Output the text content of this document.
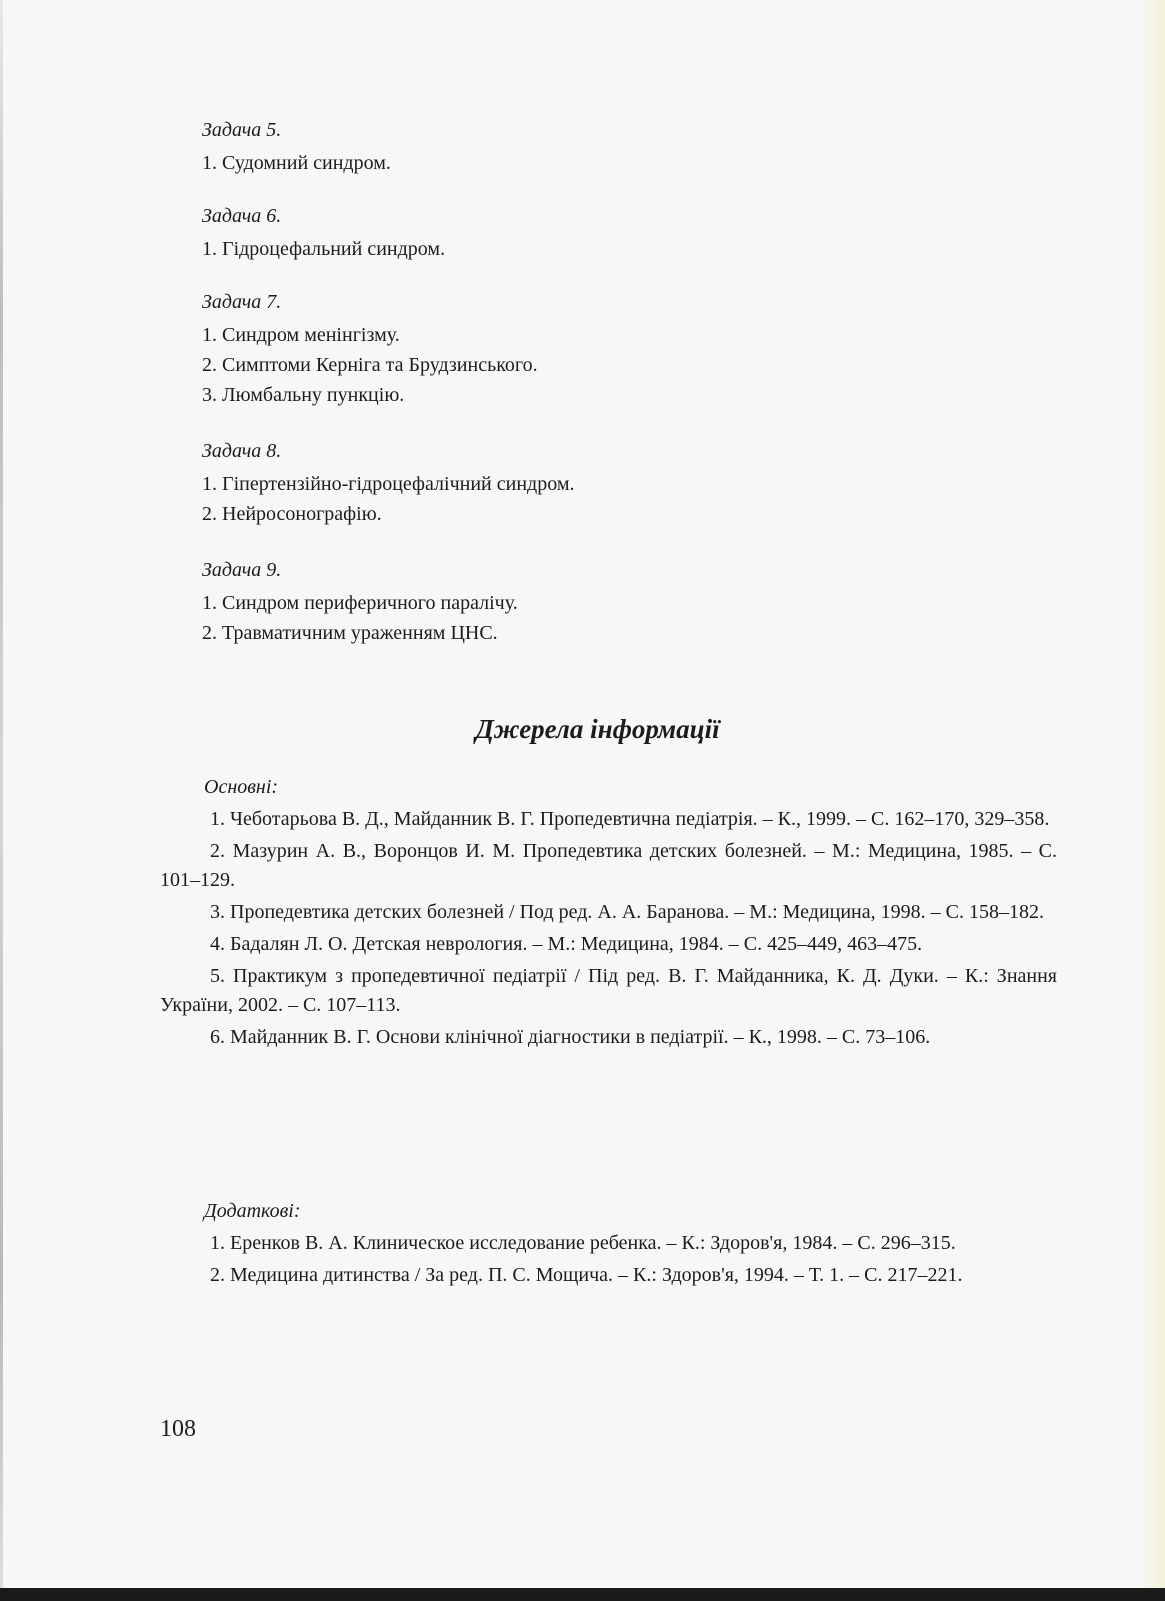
Задача 5.

1. Судомний синдром.

Задача 6.

1. Гідроцефальний синдром.

Задача 7.

1. Синдром менінгізму.

2. Симптоми Керніга та Брудзинського.

3. Люмбальну пункцію.

Задача 8.

1. Гіпертензійно-гідроцефалічний синдром.

2. Нейросонографію.

Задача 9.

1. Синдром периферичного паралічу.

2. Травматичним ураженням ЦНС.

Джерела інформації

Основні:

1. Чеботарьова В. Д., Майданник В. Г. Пропедевтична педіатрія. – К., 1999. – С. 162–170, 329–358.

2. Мазурин А. В., Воронцов И. М. Пропедевтика детских болезней. – М.: Медицина, 1985. – С. 101–129.

3. Пропедевтика детских болезней / Под ред. А. А. Баранова. – М.: Медицина, 1998. – С. 158–182.

4. Бадалян Л. О. Детская неврология. – М.: Медицина, 1984. – С. 425–449, 463–475.

5. Практикум з пропедевтичної педіатрії / Під ред. В. Г. Майданника, К. Д. Дуки. – К.: Знання України, 2002. – С. 107–113.

6. Майданник В. Г. Основи клінічної діагностики в педіатрії. – К., 1998. – С. 73–106.

Додаткові:

1. Еренков В. А. Клиническое исследование ребенка. – К.: Здоров'я, 1984. – С. 296–315.

2. Медицина дитинства / За ред. П. С. Мощича. – К.: Здоров'я, 1994. – Т. 1. – С. 217–221.

108
